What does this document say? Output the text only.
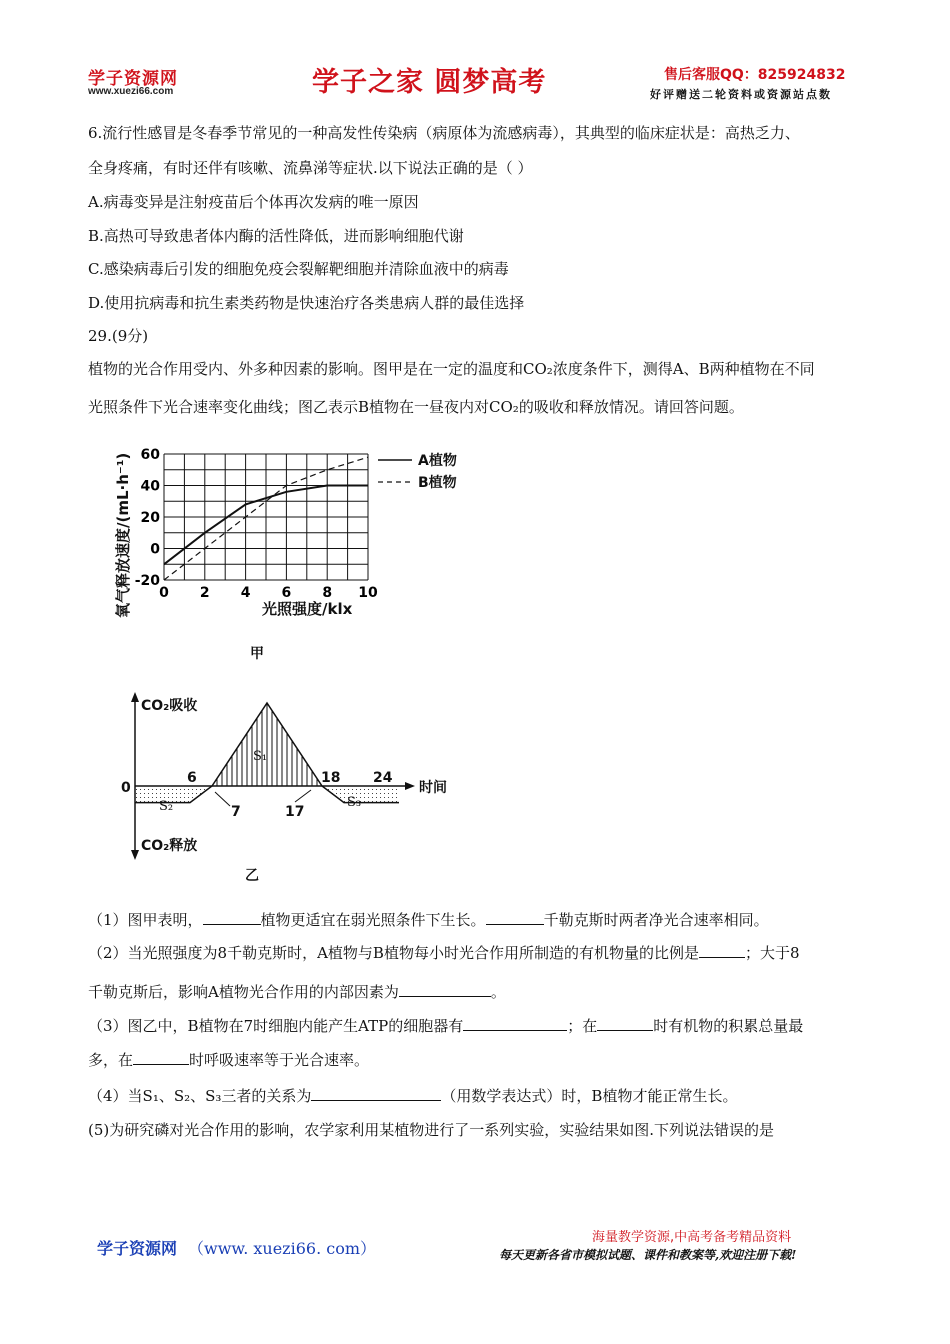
学子资源网
www.xuezi66.com	学子之家 圆梦高考	售后客服QQ：825924832
好评赠送二轮资料或资源站点数
6.流行性感冒是冬春季节常见的一种高发性传染病（病原体为流感病毒），其典型的临床症状是：高热乏力、
全身疼痛，有时还伴有咳嗽、流鼻涕等症状.以下说法正确的是（ ）
A.病毒变异是注射疫苗后个体再次发病的唯一原因
B.高热可导致患者体内酶的活性降低，进而影响细胞代谢
C.感染病毒后引发的细胞免疫会裂解靶细胞并清除血液中的病毒
D.使用抗病毒和抗生素类药物是快速治疗各类患病人群的最佳选择
29.(9分)
植物的光合作用受内、外多种因素的影响。图甲是在一定的温度和CO₂浓度条件下，测得A、B两种植物在不同
光照条件下光合速率变化曲线；图乙表示B植物在一昼夜内对CO₂的吸收和释放情况。请回答问题。
-20
0
20
40
60
0 2 4 6 8 10
氧气释放速度/(mL·h⁻¹)	光照强度/klx
A植物
B植物
甲
CO₂吸收
CO₂释放
0	时间
6	18 24
7	17
S₁
S₂	S₃
乙
（1）图甲表明，	植物更适宜在弱光照条件下生长。	千勒克斯时两者净光合速率相同。
（2）当光照强度为8千勒克斯时，A植物与B植物每小时光合作用所制造的有机物量的比例是	；大于8
千勒克斯后，影响A植物光合作用的内部因素为	。
（3）图乙中，B植物在7时细胞内能产生ATP的细胞器有	；在	时有机物的积累总量最
多，在	时呼吸速率等于光合速率。
（4）当S₁、S₂、S₃三者的关系为	（用数学表达式）时，B植物才能正常生长。
(5)为研究磷对光合作用的影响，农学家利用某植物进行了一系列实验，实验结果如图.下列说法错误的是
学子资源网 （www. xuezi66. com）
海量教学资源,中高考备考精品资料
每天更新各省市模拟试题、课件和教案等,欢迎注册下载!
